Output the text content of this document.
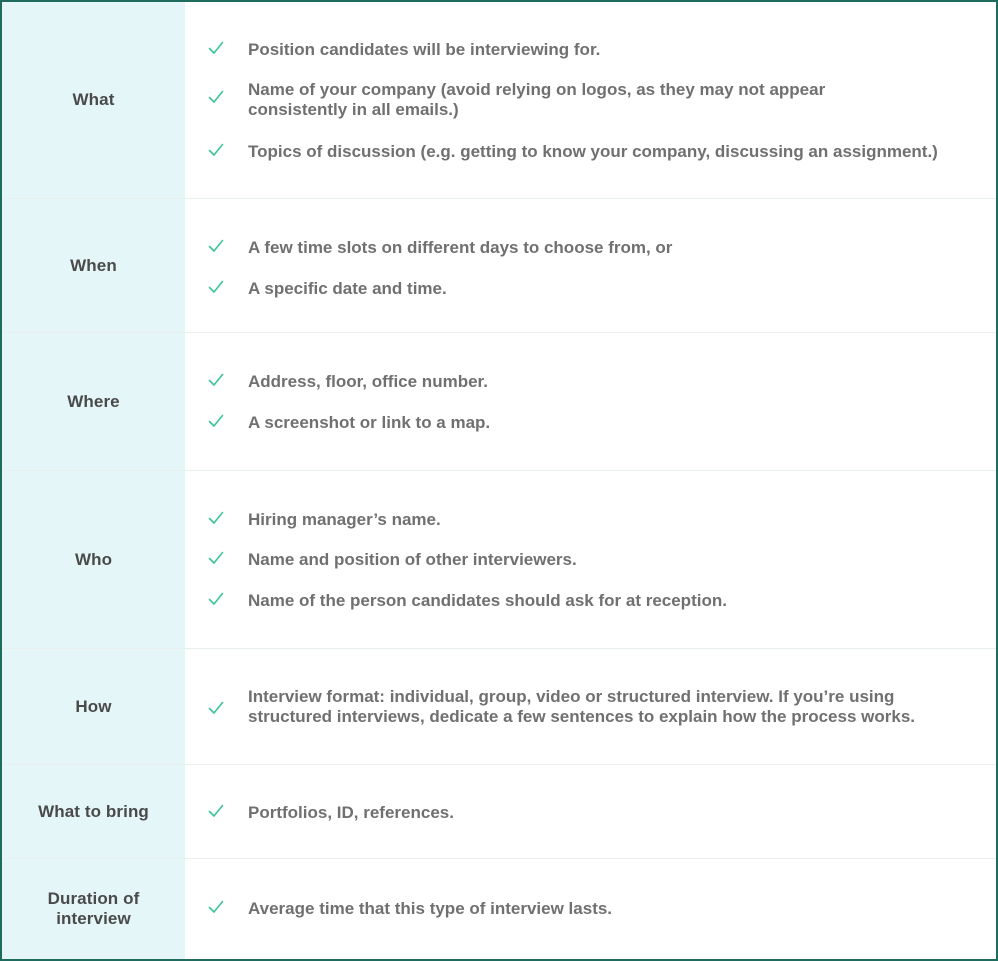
What
Position candidates will be interviewing for.
Name of your company (avoid relying on logos, as they may not appear consistently in all emails.)
Topics of discussion (e.g. getting to know your company, discussing an assignment.)
When
A few time slots on different days to choose from, or
A specific date and time.
Where
Address, floor, office number.
A screenshot or link to a map.
Who
Hiring manager’s name.
Name and position of other interviewers.
Name of the person candidates should ask for at reception.
How	Interview format: individual, group, video or structured interview. If you’re using structured interviews, dedicate a few sentences to explain how the process works.
What to bring	Portfolios, ID, references.
Duration of interview
Average time that this type of interview lasts.
